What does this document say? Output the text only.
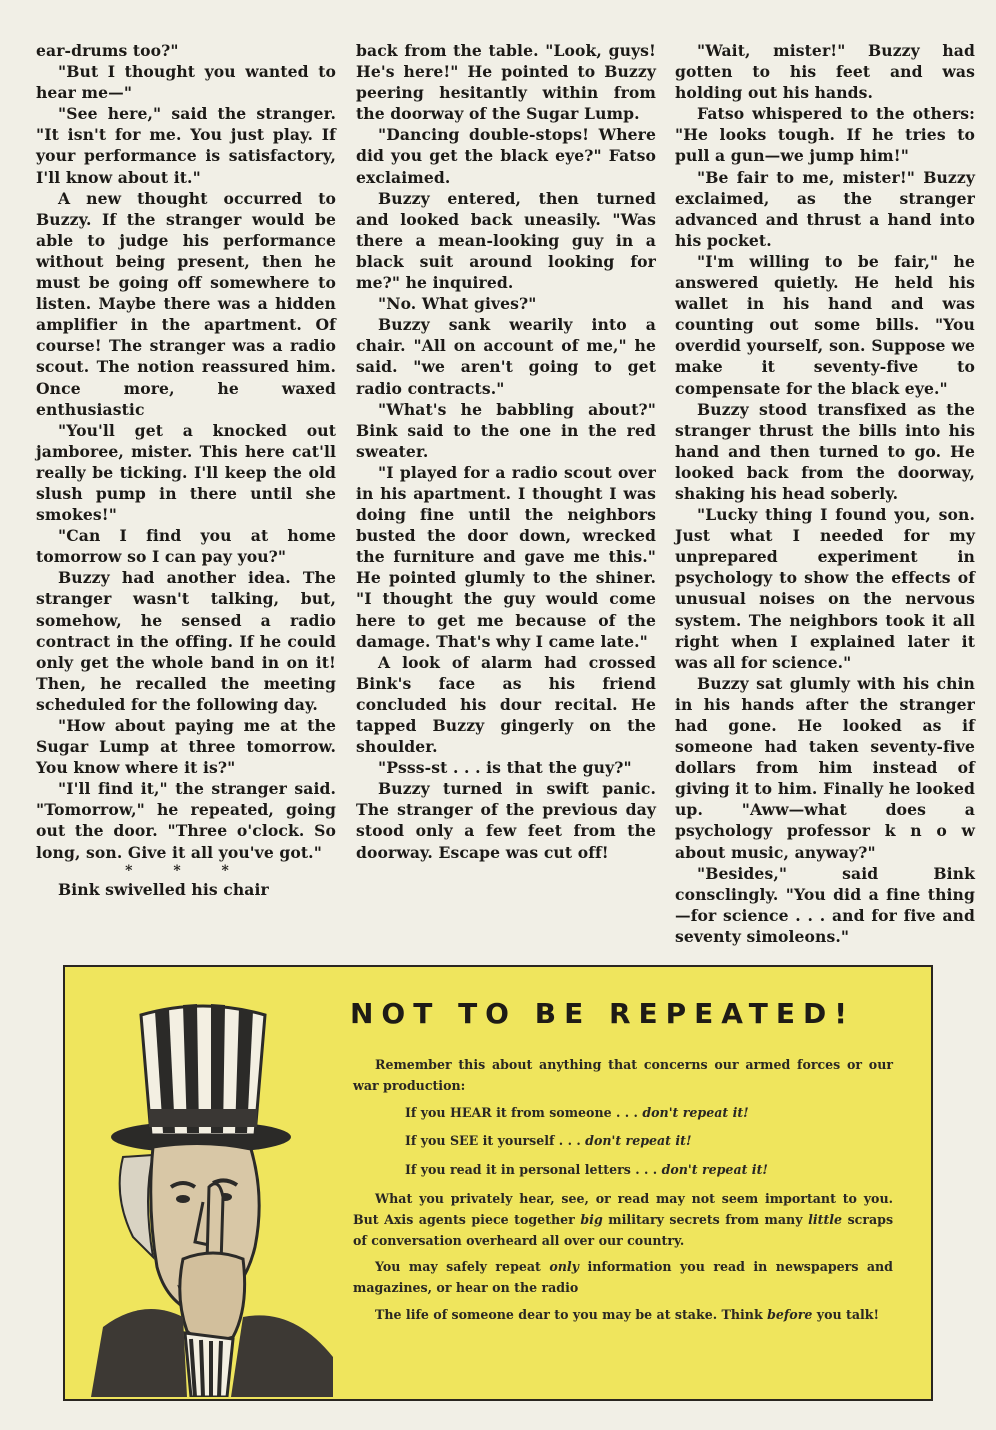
ear-drums too?"

"But I thought you wanted to hear me—"

"See here," said the stranger. "It isn't for me. You just play. If your performance is satisfactory, I'll know about it."

A new thought occurred to Buzzy. If the stranger would be able to judge his performance without being present, then he must be going off somewhere to listen. Maybe there was a hidden amplifier in the apartment. Of course! The stranger was a radio scout. The notion reassured him. Once more, he waxed enthusiastic

"You'll get a knocked out jamboree, mister. This here cat'll really be ticking. I'll keep the old slush pump in there until she smokes!"

"Can I find you at home tomorrow so I can pay you?"

Buzzy had another idea. The stranger wasn't talking, but, somehow, he sensed a radio contract in the offing. If he could only get the whole band in on it! Then, he recalled the meeting scheduled for the following day.

"How about paying me at the Sugar Lump at three tomorrow. You know where it is?"

"I'll find it," the stranger said. "Tomorrow," he repeated, going out the door. "Three o'clock. So long, son. Give it all you've got."

* * *

Bink swivelled his chair

back from the table. "Look, guys! He's here!" He pointed to Buzzy peering hesitantly within from the doorway of the Sugar Lump.

"Dancing double-stops! Where did you get the black eye?" Fatso exclaimed.

Buzzy entered, then turned and looked back uneasily. "Was there a mean-looking guy in a black suit around looking for me?" he inquired.

"No. What gives?"

Buzzy sank wearily into a chair. "All on account of me," he said. "we aren't going to get radio contracts."

"What's he babbling about?" Bink said to the one in the red sweater.

"I played for a radio scout over in his apartment. I thought I was doing fine until the neighbors busted the door down, wrecked the furniture and gave me this." He pointed glumly to the shiner. "I thought the guy would come here to get me because of the damage. That's why I came late."

A look of alarm had crossed Bink's face as his friend concluded his dour recital. He tapped Buzzy gingerly on the shoulder.

"Psss-st . . . is that the guy?"

Buzzy turned in swift panic. The stranger of the previous day stood only a few feet from the doorway. Escape was cut off!

"Wait, mister!" Buzzy had gotten to his feet and was holding out his hands.

Fatso whispered to the others: "He looks tough. If he tries to pull a gun—we jump him!"

"Be fair to me, mister!" Buzzy exclaimed, as the stranger advanced and thrust a hand into his pocket.

"I'm willing to be fair," he answered quietly. He held his wallet in his hand and was counting out some bills. "You overdid yourself, son. Suppose we make it seventy-five to compensate for the black eye."

Buzzy stood transfixed as the stranger thrust the bills into his hand and then turned to go. He looked back from the doorway, shaking his head soberly.

"Lucky thing I found you, son. Just what I needed for my unprepared experiment in psychology to show the effects of unusual noises on the nervous system. The neighbors took it all right when I explained later it was all for science."

Buzzy sat glumly with his chin in his hands after the stranger had gone. He looked as if someone had taken seventy-five dollars from him instead of giving it to him. Finally he looked up. "Aww—what does a psychology professor k n o w about music, anyway?"

"Besides," said Bink consclingly. "You did a fine thing—for science . . . and for five and seventy simoleons."

NOT TO BE REPEATED!

Remember this about anything that concerns our armed forces or our war production:

If you HEAR it from someone . . . don't repeat it!

If you SEE it yourself . . . don't repeat it!

If you read it in personal letters . . . don't repeat it!

What you privately hear, see, or read may not seem important to you. But Axis agents piece together big military secrets from many little scraps of conversation overheard all over our country.

You may safely repeat only information you read in newspapers and magazines, or hear on the radio

The life of someone dear to you may be at stake. Think before you talk!
